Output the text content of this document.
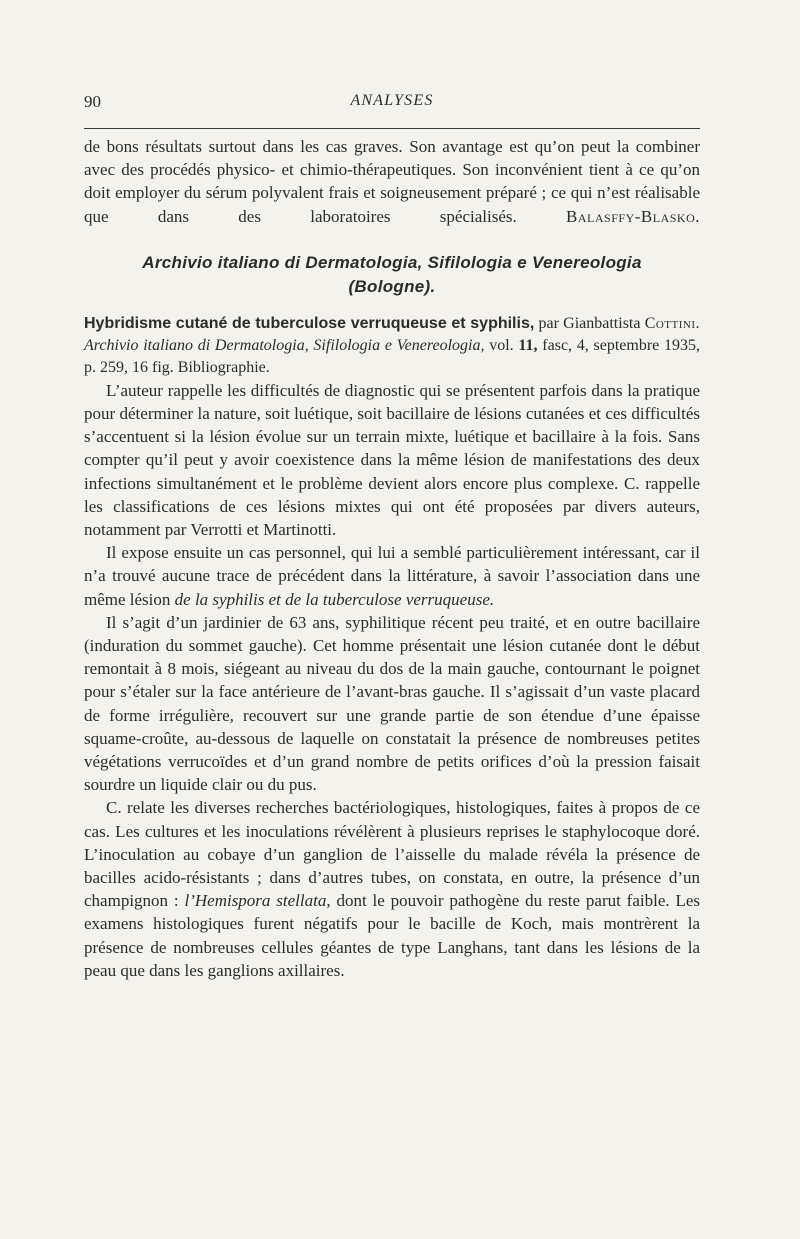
90	ANALYSES

de bons résultats surtout dans les cas graves. Son avantage est qu’on peut la combiner avec des procédés physico- et chimio-thérapeutiques. Son inconvénient tient à ce qu’on doit employer du sérum polyvalent frais et soigneusement préparé ; ce qui n’est réalisable que dans des laboratoires spécialisés.	Balasffy-Blasko.

Archivio italiano di Dermatologia, Sifilologia e Venereologia
(Bologne).

Hybridisme cutané de tuberculose verruqueuse et syphilis, par Gianbattista Cottini. Archivio italiano di Dermatologia, Sifilologia e Venereologia, vol. 11, fasc, 4, septembre 1935, p. 259, 16 fig. Bibliographie.

L’auteur rappelle les difficultés de diagnostic qui se présentent parfois dans la pratique pour déterminer la nature, soit luétique, soit bacillaire de lésions cutanées et ces difficultés s’accentuent si la lésion évolue sur un terrain mixte, luétique et bacillaire à la fois. Sans compter qu’il peut y avoir coexistence dans la même lésion de manifestations des deux infections simultanément et le problème devient alors encore plus complexe. C. rappelle les classifications de ces lésions mixtes qui ont été proposées par divers auteurs, notamment par Verrotti et Martinotti.

Il expose ensuite un cas personnel, qui lui a semblé particulièrement intéressant, car il n’a trouvé aucune trace de précédent dans la littérature, à savoir l’association dans une même lésion de la syphilis et de la tuberculose verruqueuse.

Il s’agit d’un jardinier de 63 ans, syphilitique récent peu traité, et en outre bacillaire (induration du sommet gauche). Cet homme présentait une lésion cutanée dont le début remontait à 8 mois, siégeant au niveau du dos de la main gauche, contournant le poignet pour s’étaler sur la face antérieure de l’avant-bras gauche. Il s’agissait d’un vaste placard de forme irrégulière, recouvert sur une grande partie de son étendue d’une épaisse squame-croûte, au-dessous de laquelle on constatait la présence de nombreuses petites végétations verrucoïdes et d’un grand nombre de petits orifices d’où la pression faisait sourdre un liquide clair ou du pus.

C. relate les diverses recherches bactériologiques, histologiques, faites à propos de ce cas. Les cultures et les inoculations révélèrent à plusieurs reprises le staphylocoque doré. L’inoculation au cobaye d’un ganglion de l’aisselle du malade révéla la présence de bacilles acido-résistants ; dans d’autres tubes, on constata, en outre, la présence d’un champignon : l’Hemispora stellata, dont le pouvoir pathogène du reste parut faible. Les examens histologiques furent négatifs pour le bacille de Koch, mais montrèrent la présence de nombreuses cellules géantes de type Langhans, tant dans les lésions de la peau que dans les ganglions axillaires.
